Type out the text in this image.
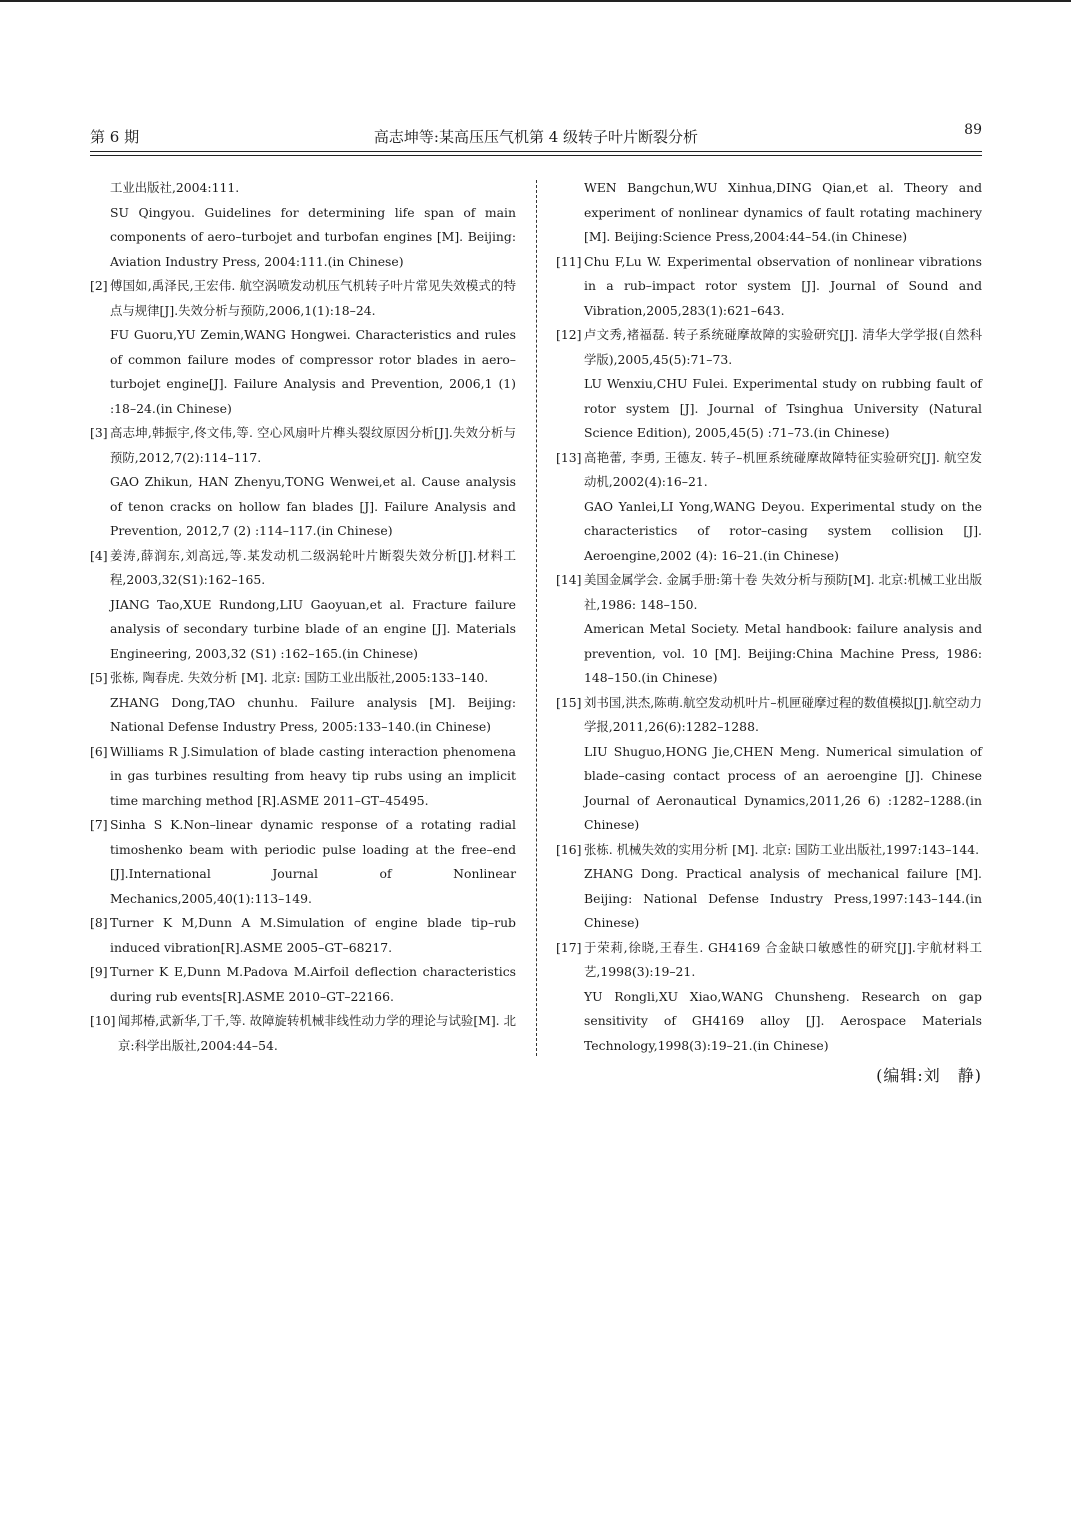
第 6 期	高志坤等:某高压压气机第 4 级转子叶片断裂分析	89

工业出版社,2004:111.

SU Qingyou. Guidelines for determining life span of main components of aero–turbojet and turbofan engines [M]. Beijing: Aviation Industry Press, 2004:111.(in Chinese)

[2] 傅国如,禹泽民,王宏伟. 航空涡喷发动机压气机转子叶片常见失效模式的特点与规律[J].失效分析与预防,2006,1(1):18–24.

FU Guoru,YU Zemin,WANG Hongwei. Characteristics and rules of common failure modes of compressor rotor blades in aero–turbojet engine[J]. Failure Analysis and Prevention, 2006,1 (1) :18–24.(in Chinese)

[3] 高志坤,韩振宇,佟文伟,等. 空心风扇叶片榫头裂纹原因分析[J].失效分析与预防,2012,7(2):114–117.

GAO Zhikun, HAN Zhenyu,TONG Wenwei,et al. Cause analysis of tenon cracks on hollow fan blades [J]. Failure Analysis and Prevention, 2012,7 (2) :114–117.(in Chinese)

[4] 姜涛,薛润东,刘高远,等.某发动机二级涡轮叶片断裂失效分析[J].材料工程,2003,32(S1):162–165.

JIANG Tao,XUE Rundong,LIU Gaoyuan,et al. Fracture failure analysis of secondary turbine blade of an engine [J]. Materials Engineering, 2003,32 (S1) :162–165.(in Chinese)

[5] 张栋, 陶春虎. 失效分析 [M]. 北京: 国防工业出版社,2005:133–140.

ZHANG Dong,TAO chunhu. Failure analysis [M]. Beijing: National Defense Industry Press, 2005:133–140.(in Chinese)

[6] Williams R J.Simulation of blade casting interaction phenomena in gas turbines resulting from heavy tip rubs using an implicit time marching method [R].ASME 2011–GT–45495.

[7] Sinha S K.Non–linear dynamic response of a rotating radial timoshenko beam with periodic pulse loading at the free–end [J].International Journal of Nonlinear Mechanics,2005,40(1):113–149.

[8] Turner K M,Dunn A M.Simulation of engine blade tip–rub induced vibration[R].ASME 2005–GT–68217.

[9] Turner K E,Dunn M.Padova M.Airfoil deflection characteristics during rub events[R].ASME 2010–GT–22166.

[10] 闻邦椿,武新华,丁千,等. 故障旋转机械非线性动力学的理论与试验[M]. 北京:科学出版社,2004:44–54.

WEN Bangchun,WU Xinhua,DING Qian,et al. Theory and experiment of nonlinear dynamics of fault rotating machinery [M]. Beijing:Science Press,2004:44–54.(in Chinese)

[11] Chu F,Lu W. Experimental observation of nonlinear vibrations in a rub–impact rotor system [J]. Journal of Sound and Vibration,2005,283(1):621–643.

[12] 卢文秀,褚福磊. 转子系统碰摩故障的实验研究[J]. 清华大学学报(自然科学版),2005,45(5):71–73.

LU Wenxiu,CHU Fulei. Experimental study on rubbing fault of rotor system [J]. Journal of Tsinghua University (Natural Science Edition), 2005,45(5) :71–73.(in Chinese)

[13] 高艳蕾, 李勇, 王德友. 转子–机匣系统碰摩故障特征实验研究[J]. 航空发动机,2002(4):16–21.

GAO Yanlei,LI Yong,WANG Deyou. Experimental study on the characteristics of rotor–casing system collision [J]. Aeroengine,2002 (4): 16–21.(in Chinese)

[14] 美国金属学会. 金属手册:第十卷 失效分析与预防[M]. 北京:机械工业出版社,1986: 148–150.

American Metal Society. Metal handbook: failure analysis and prevention, vol. 10 [M]. Beijing:China Machine Press, 1986: 148–150.(in Chinese)

[15] 刘书国,洪杰,陈萌.航空发动机叶片–机匣碰摩过程的数值模拟[J].航空动力学报,2011,26(6):1282–1288.

LIU Shuguo,HONG Jie,CHEN Meng. Numerical simulation of blade–casing contact process of an aeroengine [J]. Chinese Journal of Aeronautical Dynamics,2011,26 6) :1282–1288.(in Chinese)

[16] 张栋. 机械失效的实用分析 [M]. 北京: 国防工业出版社,1997:143–144.

ZHANG Dong. Practical analysis of mechanical failure [M]. Beijing: National Defense Industry Press,1997:143–144.(in Chinese)

[17] 于荣莉,徐晓,王春生. GH4169 合金缺口敏感性的研究[J].宇航材料工艺,1998(3):19–21.

YU Rongli,XU Xiao,WANG Chunsheng. Research on gap sensitivity of GH4169 alloy [J]. Aerospace Materials Technology,1998(3):19–21.(in Chinese)

(编辑:刘　静)
